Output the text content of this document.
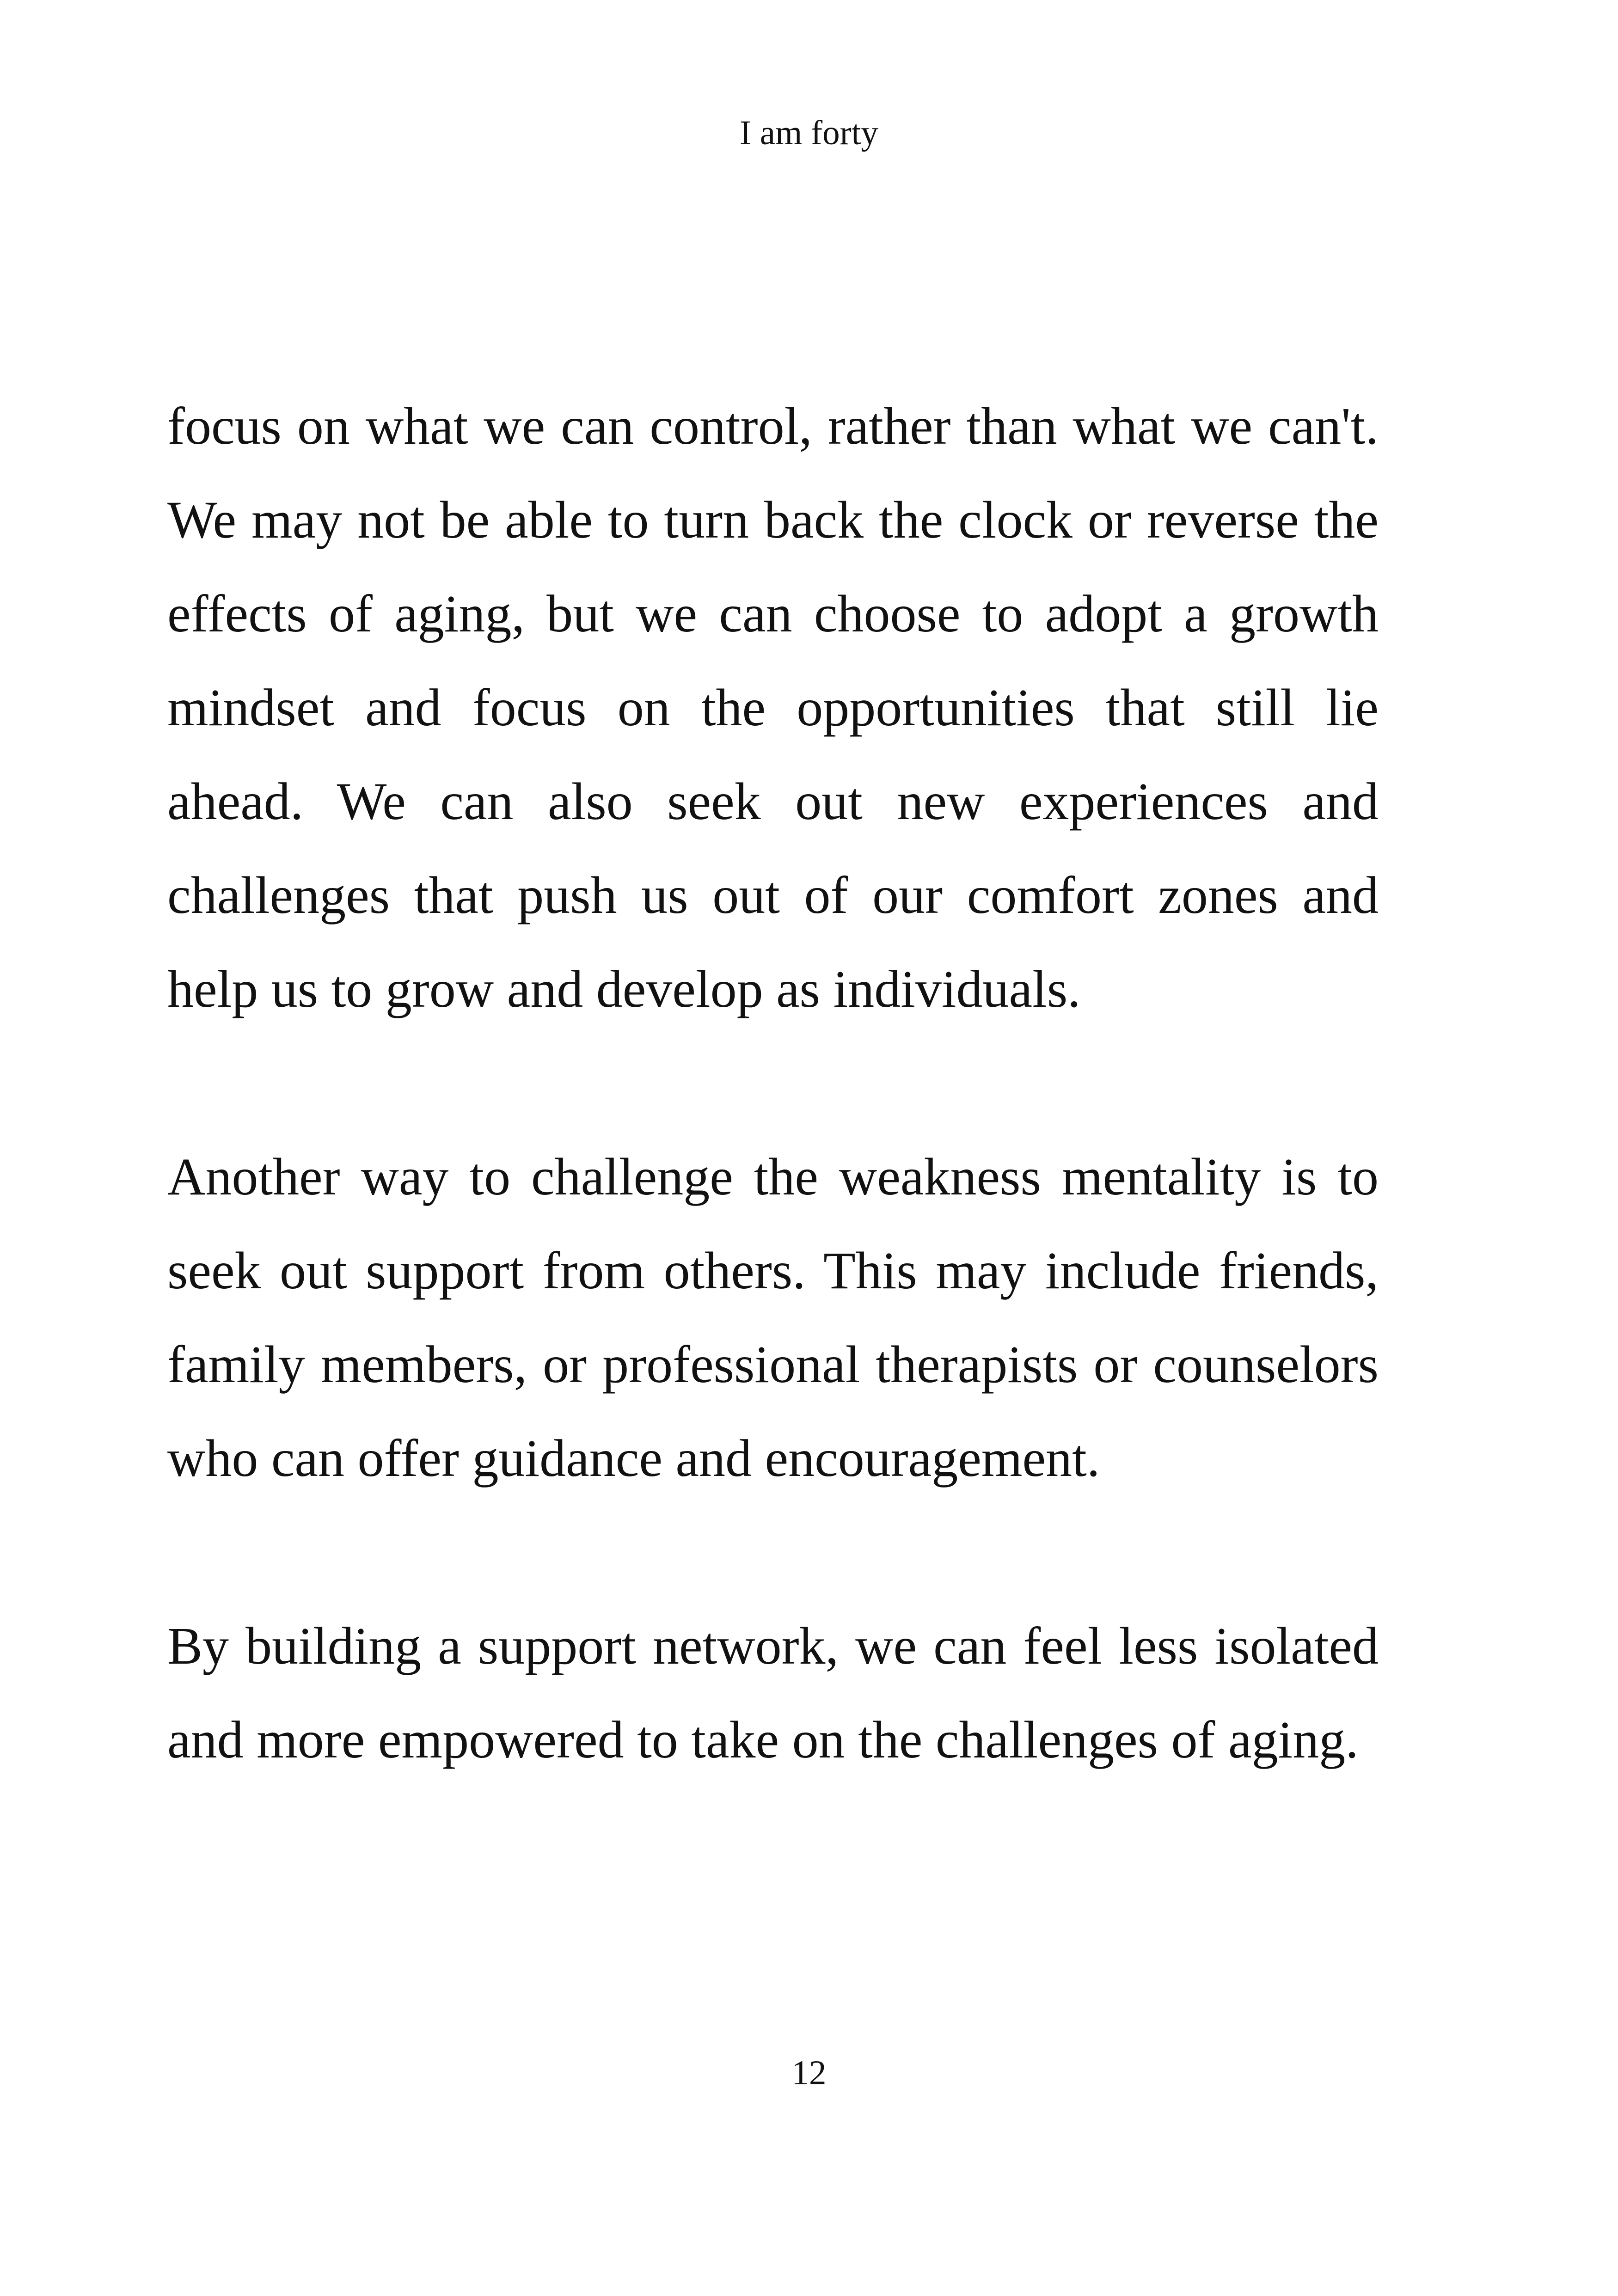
I am forty

focus on what we can control, rather than what we can't. We may not be able to turn back the clock or reverse the effects of aging, but we can choose to adopt a growth mindset and focus on the opportunities that still lie ahead. We can also seek out new experiences and challenges that push us out of our comfort zones and help us to grow and develop as individuals.

Another way to challenge the weakness mentality is to seek out support from others. This may include friends, family members, or professional therapists or counselors who can offer guidance and encouragement.

By building a support network, we can feel less isolated and more empowered to take on the challenges of aging.

12
